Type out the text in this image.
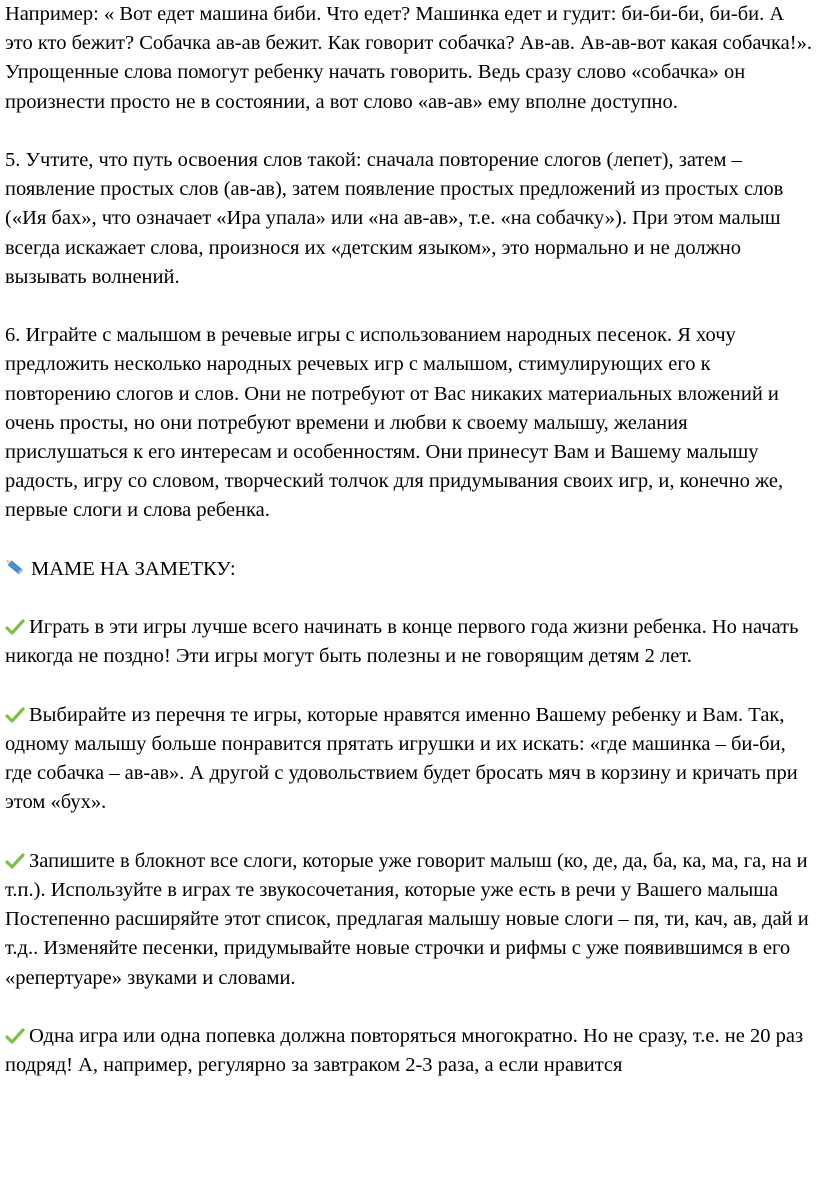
Например: « Вот едет машина биби. Что едет? Машинка едет и гудит: би-би-би, би-би. А это кто бежит? Собачка ав-ав бежит. Как говорит собачка? Ав-ав. Ав-ав-вот какая собачка!». Упрощенные слова помогут ребенку начать говорить. Ведь сразу слово «собачка» он произнести просто не в состоянии, а вот слово «ав-ав» ему вполне доступно.

5. Учтите, что путь освоения слов такой: сначала повторение слогов (лепет), затем – появление простых слов (ав-ав), затем появление простых предложений из простых слов («Ия бах», что означает «Ира упала» или «на ав-ав», т.е. «на собачку»). При этом малыш всегда искажает слова, произнося их «детским языком», это нормально и не должно вызывать волнений.

6. Играйте с малышом в речевые игры с использованием народных песенок. Я хочу предложить несколько народных речевых игр с малышом, стимулирующих его к повторению слогов и слов. Они не потребуют от Вас никаких материальных вложений и очень просты, но они потребуют времени и любви к своему малышу, желания прислушаться к его интересам и особенностям. Они принесут Вам и Вашему малышу радость, игру со словом, творческий толчок для придумывания своих игр, и, конечно же, первые слоги и слова ребенка.

МАМЕ НА ЗАМЕТКУ:

Играть в эти игры лучше всего начинать в конце первого года жизни ребенка. Но начать никогда не поздно! Эти игры могут быть полезны и не говорящим детям 2 лет.

Выбирайте из перечня те игры, которые нравятся именно Вашему ребенку и Вам. Так, одному малышу больше понравится прятать игрушки и их искать: «где машинка – би-би, где собачка – ав-ав». А другой с удовольствием будет бросать мяч в корзину и кричать при этом «бух».

Запишите в блокнот все слоги, которые уже говорит малыш (ко, де, да, ба, ка, ма, га, на и т.п.). Используйте в играх те звукосочетания, которые уже есть в речи у Вашего малыша Постепенно расширяйте этот список, предлагая малышу новые слоги – пя, ти, кач, ав, дай и т.д.. Изменяйте песенки, придумывайте новые строчки и рифмы с уже появившимся в его «репертуаре» звуками и словами.

Одна игра или одна попевка должна повторяться многократно. Но не сразу, т.е. не 20 раз подряд! А, например, регулярно за завтраком 2-3 раза, а если нравится
